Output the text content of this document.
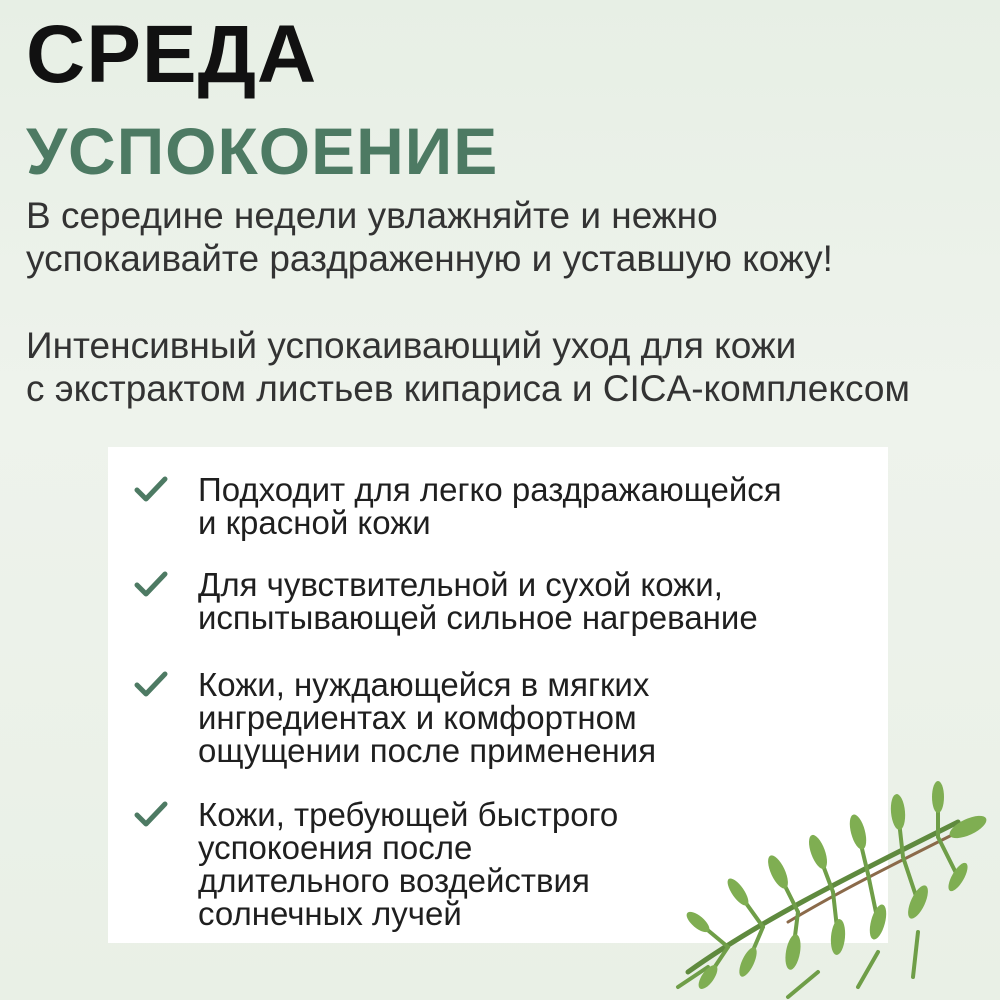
СРЕДА
УСПОКОЕНИЕ

В середине недели увлажняйте и нежно
успокаивайте раздраженную и уставшую кожу!

Интенсивный успокаивающий уход для кожи
с экстрактом листьев кипариса и CICA-комплексом

Подходит для легко раздражающейся
и красной кожи
Для чувствительной и сухой кожи,
испытывающей сильное нагревание
Кожи, нуждающейся в мягких
ингредиентах и комфортном
ощущении после применения
Кожи, требующей быстрого
успокоения после
длительного воздействия
солнечных лучей
